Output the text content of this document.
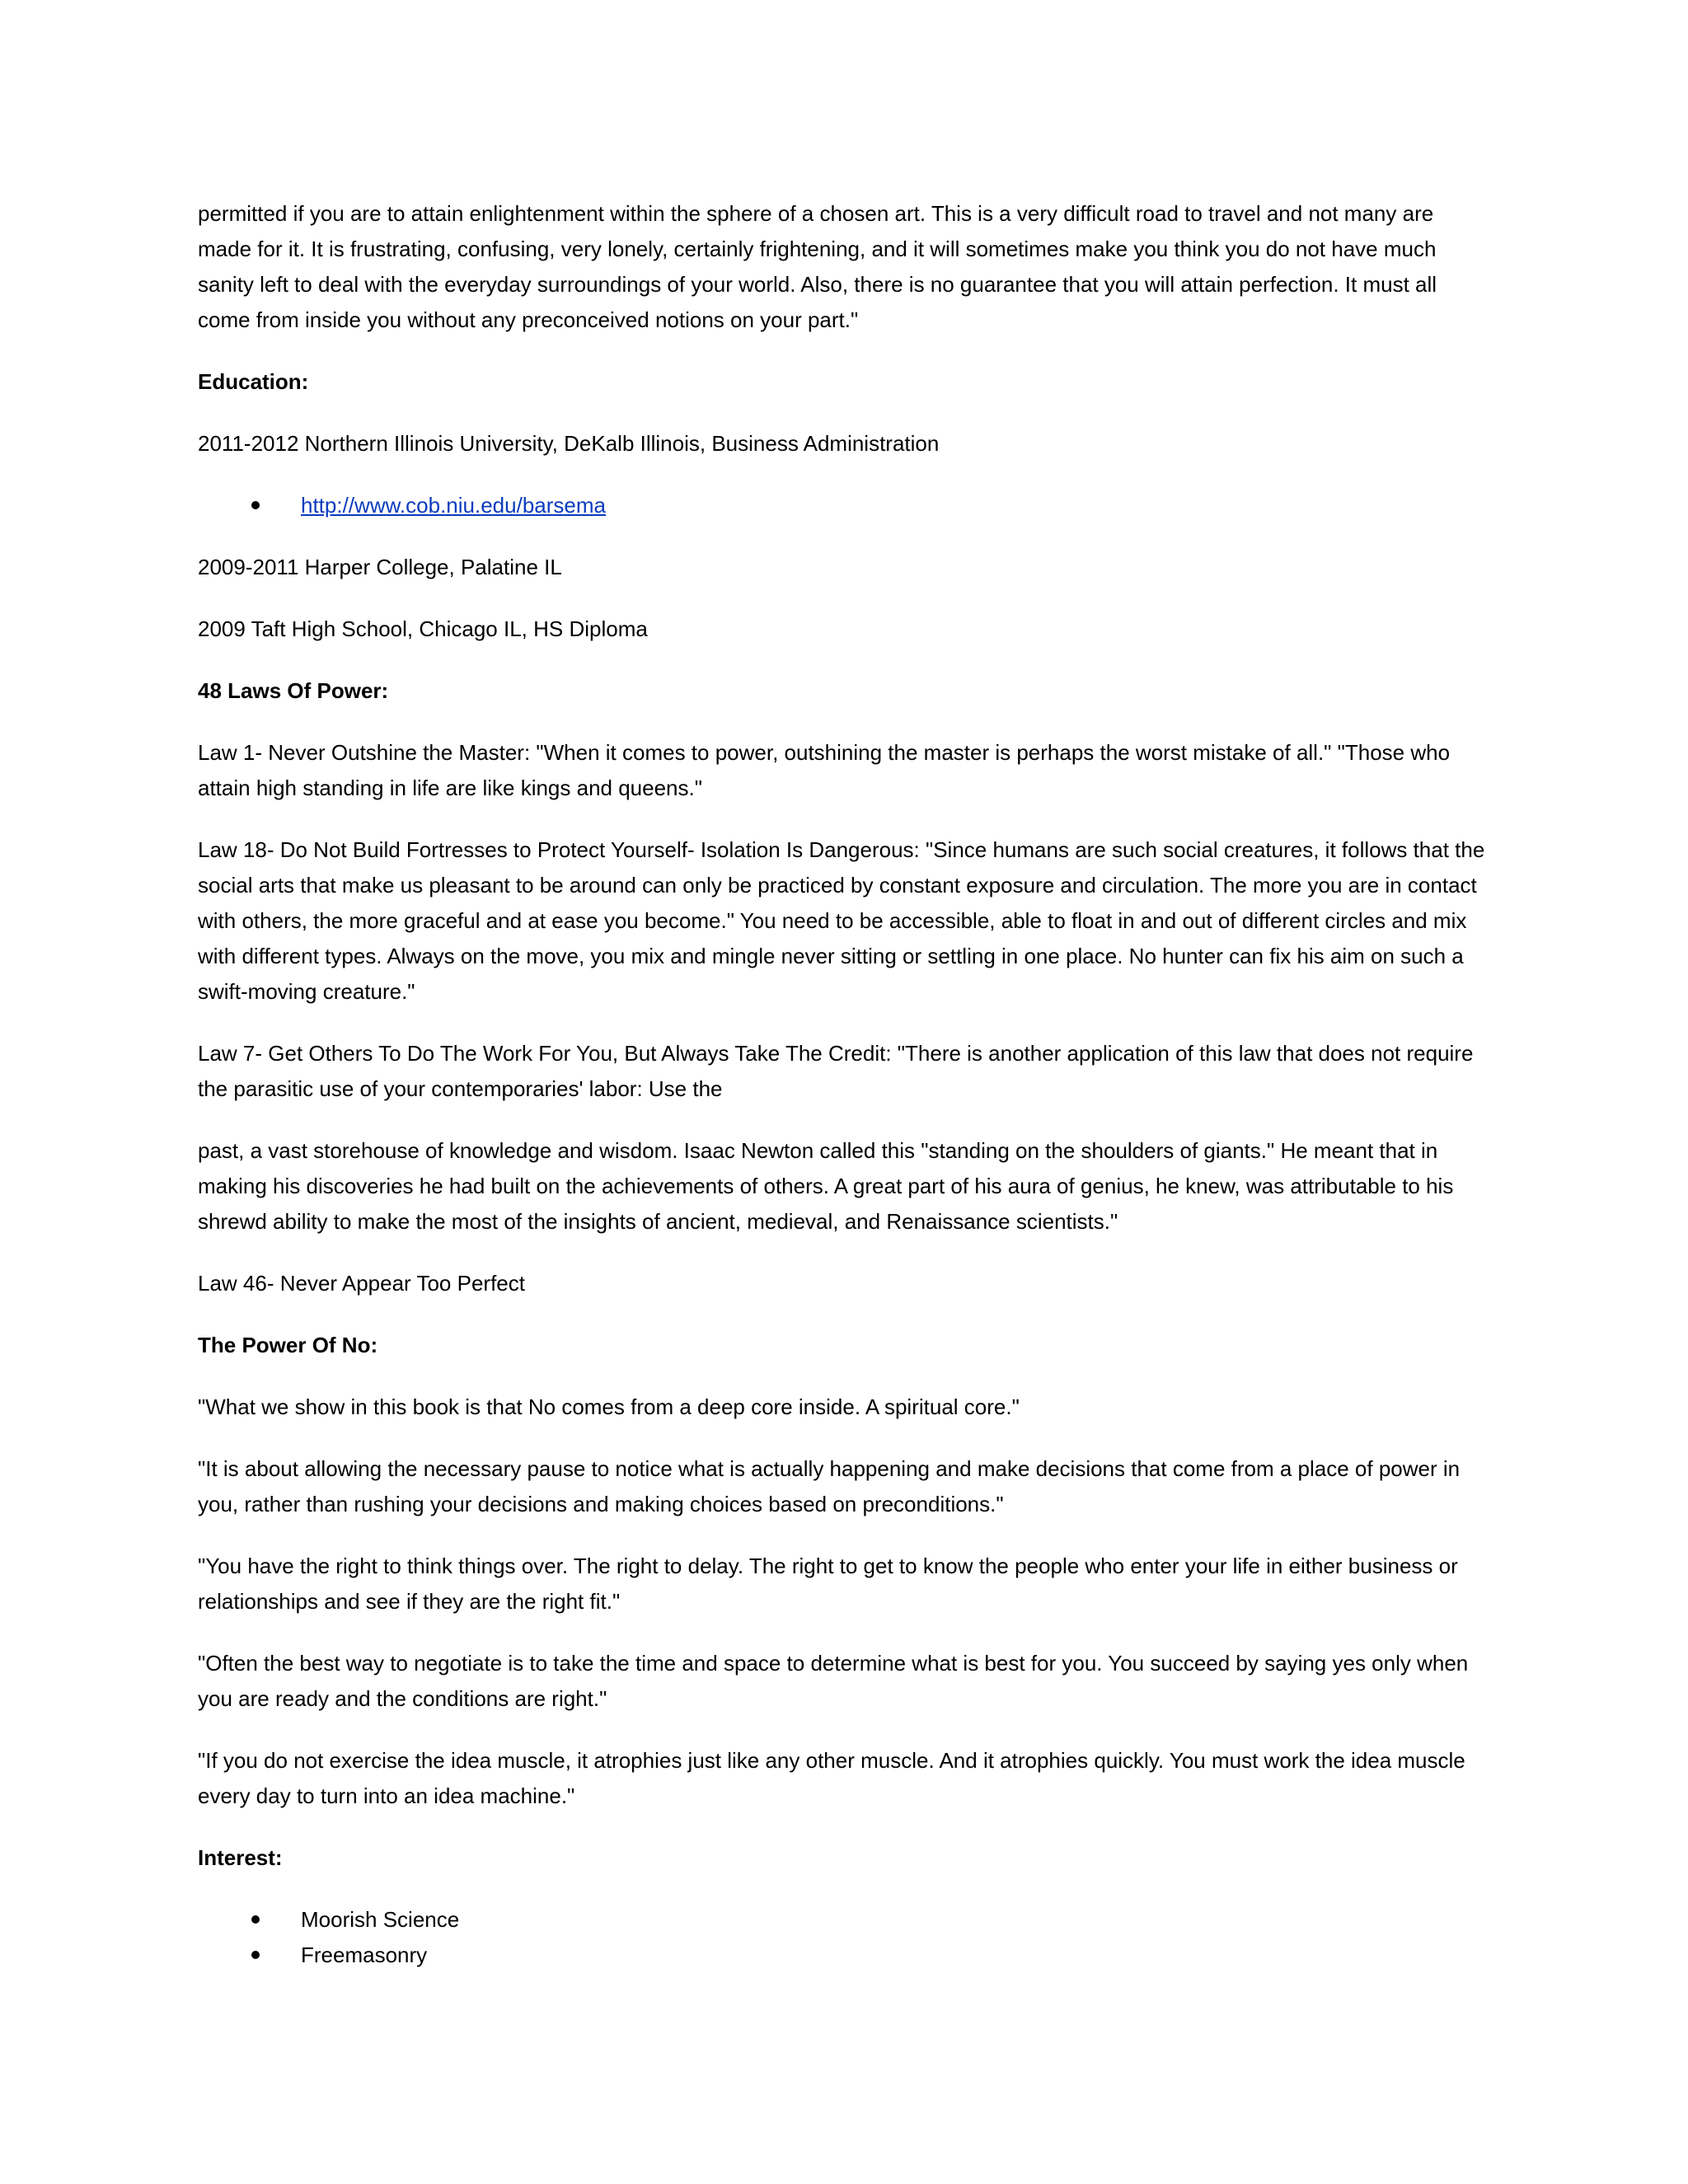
permitted if you are to attain enlightenment within the sphere of a chosen art. This is a very difficult road to travel and not many are made for it. It is frustrating, confusing, very lonely, certainly frightening, and it will sometimes make you think you do not have much sanity left to deal with the everyday surroundings of your world. Also, there is no guarantee that you will attain perfection. It must all come from inside you without any preconceived notions on your part."

Education:

2011-2012 Northern Illinois University, DeKalb Illinois, Business Administration

http://www.cob.niu.edu/barsema

2009-2011 Harper College, Palatine IL

2009 Taft High School, Chicago IL, HS Diploma

48 Laws Of Power:

Law 1- Never Outshine the Master: "When it comes to power, outshining the master is perhaps the worst mistake of all." "Those who attain high standing in life are like kings and queens."

Law 18- Do Not Build Fortresses to Protect Yourself- Isolation Is Dangerous: "Since humans are such social creatures, it follows that the social arts that make us pleasant to be around can only be practiced by constant exposure and circulation. The more you are in contact with others, the more graceful and at ease you become." You need to be accessible, able to float in and out of different circles and mix with different types. Always on the move, you mix and mingle never sitting or settling in one place. No hunter can fix his aim on such a swift-moving creature."

Law 7- Get Others To Do The Work For You, But Always Take The Credit: "There is another application of this law that does not require the parasitic use of your contemporaries' labor: Use the

past, a vast storehouse of knowledge and wisdom. Isaac Newton called this "standing on the shoulders of giants." He meant that in making his discoveries he had built on the achievements of others. A great part of his aura of genius, he knew, was attributable to his shrewd ability to make the most of the insights of ancient, medieval, and Renaissance scientists."

Law 46- Never Appear Too Perfect

The Power Of No:

"What we show in this book is that No comes from a deep core inside. A spiritual core."

"It is about allowing the necessary pause to notice what is actually happening and make decisions that come from a place of power in you, rather than rushing your decisions and making choices based on preconditions."

"You have the right to think things over. The right to delay. The right to get to know the people who enter your life in either business or relationships and see if they are the right fit."

"Often the best way to negotiate is to take the time and space to determine what is best for you. You succeed by saying yes only when you are ready and the conditions are right."

"If you do not exercise the idea muscle, it atrophies just like any other muscle. And it atrophies quickly. You must work the idea muscle every day to turn into an idea machine."

Interest:

Moorish Science
Freemasonry
